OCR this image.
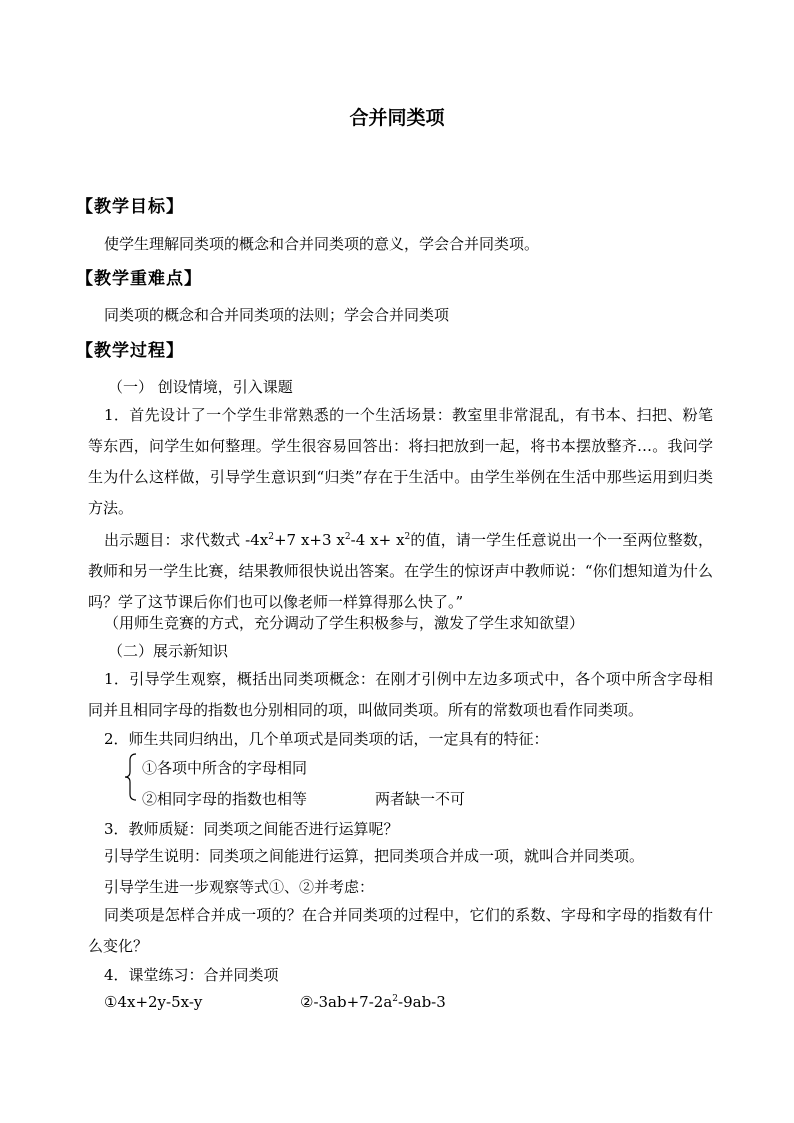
合并同类项
【教学目标】
使学生理解同类项的概念和合并同类项的意义，学会合并同类项。
【教学重难点】
同类项的概念和合并同类项的法则；学会合并同类项
【教学过程】
（一） 创设情境，引入课题
1．首先设计了一个学生非常熟悉的一个生活场景：教室里非常混乱，有书本、扫把、粉笔等东西，问学生如何整理。学生很容易回答出：将扫把放到一起，将书本摆放整齐…。我问学生为什么这样做，引导学生意识到“归类”存在于生活中。由学生举例在生活中那些运用到归类方法。
出示题目：求代数式 $-4x^2+7$ x+3 $x^2-4$ $x+ x^2$的值，请一学生任意说出一个一至两位整数，教师和另一学生比赛，结果教师很快说出答案。在学生的惊讶声中教师说：“你们想知道为什么吗？学了这节课后你们也可以像老师一样算得那么快了。”
（用师生竞赛的方式，充分调动了学生积极参与，激发了学生求知欲望）
（二）展示新知识
1．引导学生观察，概括出同类项概念：在刚才引例中左边多项式中，各个项中所含字母相同并且相同字母的指数也分别相同的项，叫做同类项。所有的常数项也看作同类项。
2．师生共同归纳出，几个单项式是同类项的话，一定具有的特征：
①各项中所含的字母相同
②相同字母的指数也相等	两者缺一不可
3．教师质疑：同类项之间能否进行运算呢？
引导学生说明：同类项之间能进行运算，把同类项合并成一项，就叫合并同类项。
引导学生进一步观察等式①、②并考虑：
同类项是怎样合并成一项的？在合并同类项的过程中，它们的系数、字母和字母的指数有什么变化？
4．课堂练习：合并同类项
①4x+2y-5x-y	$②-3ab+7-2a^2-9ab-3$
